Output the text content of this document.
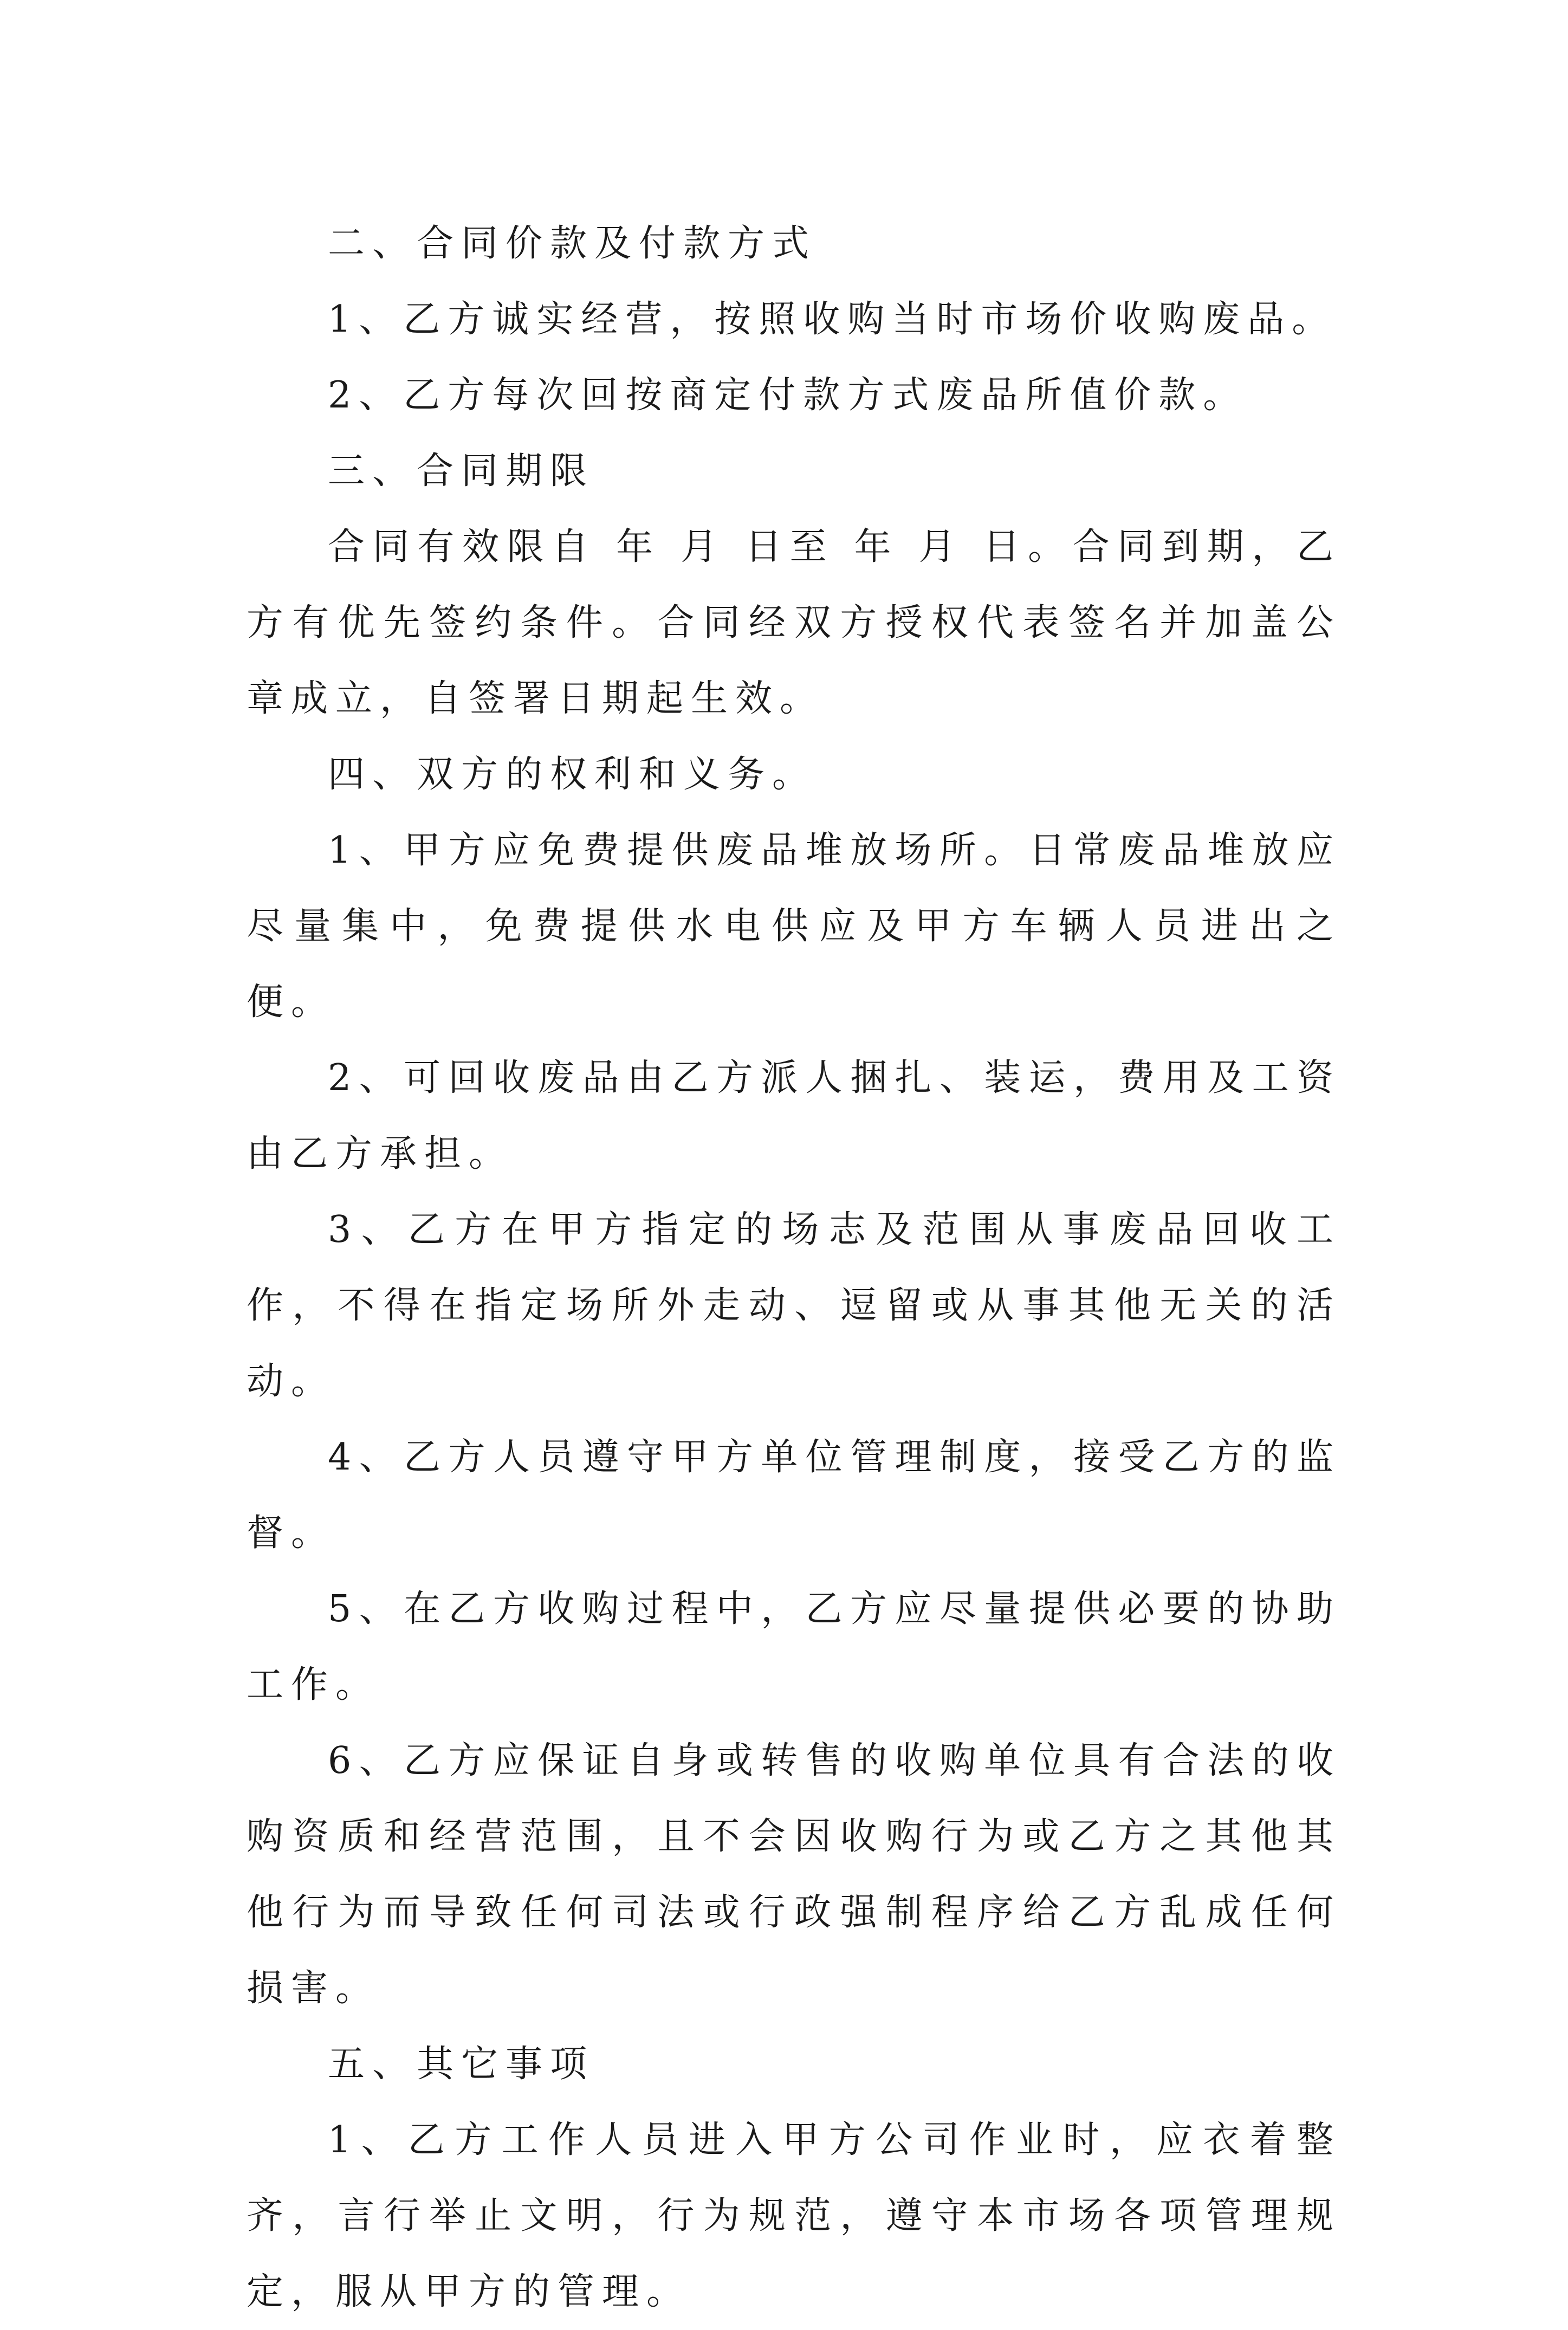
二、合同价款及付款方式

1、乙方诚实经营，按照收购当时市场价收购废品。

2、乙方每次回按商定付款方式废品所值价款。

三、合同期限

合同有效限自 年 月 日至 年 月 日。合同到期，乙方有优先签约条件。合同经双方授权代表签名并加盖公章成立，自签署日期起生效。

四、双方的权利和义务。

1、甲方应免费提供废品堆放场所。日常废品堆放应尽量集中，免费提供水电供应及甲方车辆人员进出之便。

2、可回收废品由乙方派人捆扎、装运，费用及工资由乙方承担。

3、乙方在甲方指定的场志及范围从事废品回收工作，不得在指定场所外走动、逗留或从事其他无关的活动。

4、乙方人员遵守甲方单位管理制度，接受乙方的监督。

5、在乙方收购过程中，乙方应尽量提供必要的协助工作。

6、乙方应保证自身或转售的收购单位具有合法的收购资质和经营范围，且不会因收购行为或乙方之其他其他行为而导致任何司法或行政强制程序给乙方乱成任何损害。

五、其它事项

1、乙方工作人员进入甲方公司作业时，应衣着整齐，言行举止文明，行为规范，遵守本市场各项管理规定，服从甲方的管理。
